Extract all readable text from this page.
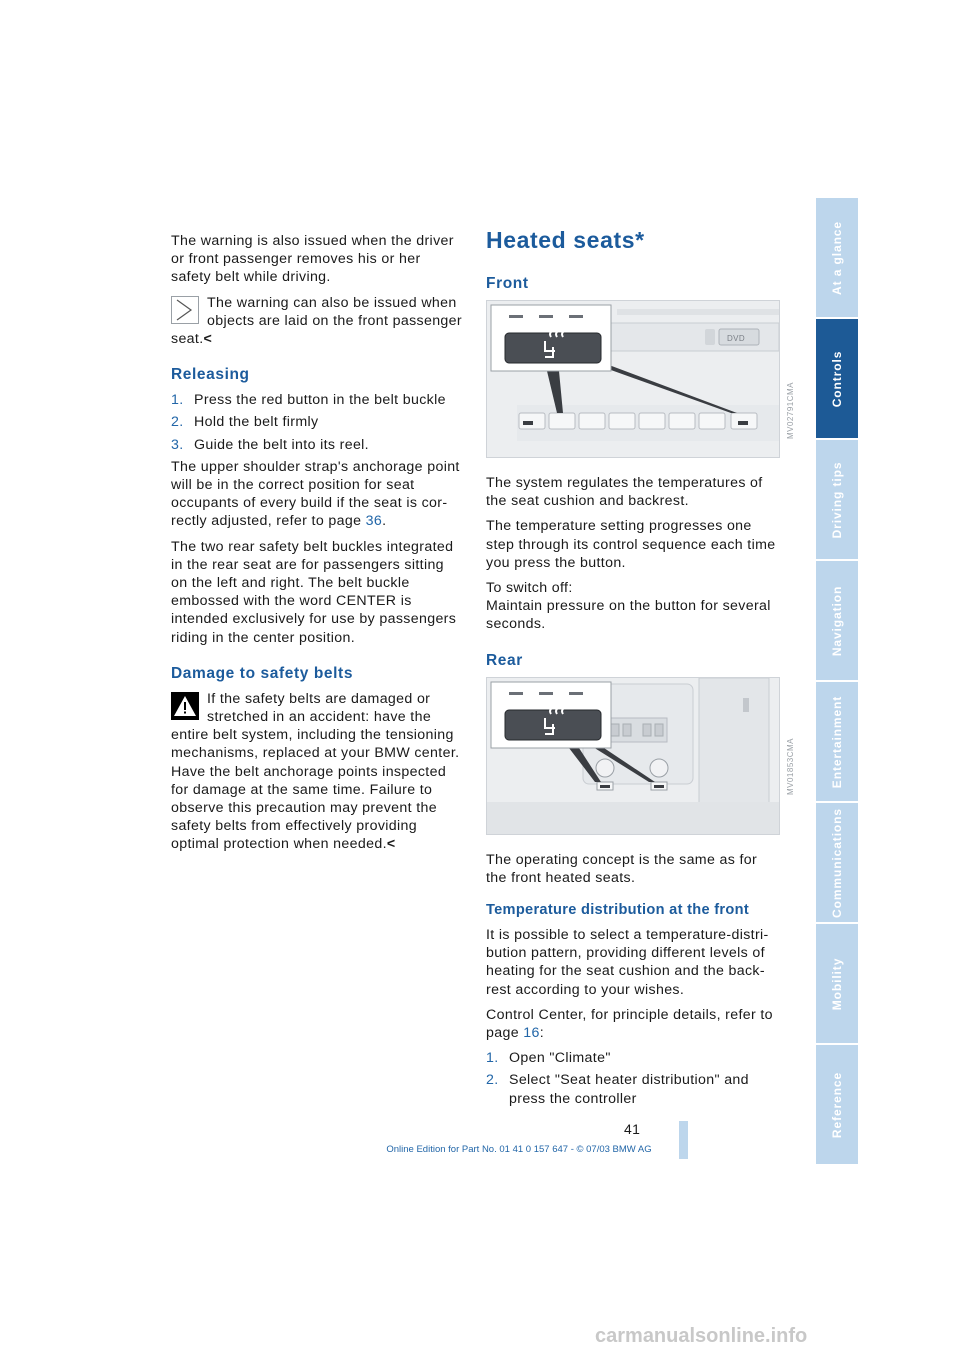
The warning is also issued when the driver or front passenger removes his or her safety belt while driving.

The warning can also be issued when objects are laid on the front passenger seat.<
Releasing
1. Press the red button in the belt buckle
2. Hold the belt firmly
3. Guide the belt into its reel.

The upper shoulder strap's anchorage point will be in the correct position for seat occupants of every build if the seat is correctly adjusted, refer to page 36.

The two rear safety belt buckles integrated in the rear seat are for passengers sitting on the left and right. The belt buckle embossed with the word CENTER is intended exclusively for use by passengers riding in the center position.

Damage to safety belts
If the safety belts are damaged or stretched in an accident: have the entire belt system, including the tensioning mechanisms, replaced at your BMW center. Have the belt anchorage points inspected for damage at the same time. Failure to observe this precaution may prevent the safety belts from effectively providing optimal protection when needed.<
Heated seats*
Front
DVD

The system regulates the temperatures of the seat cushion and backrest.

The temperature setting progresses one step through its control sequence each time you press the button.

To switch off:
Maintain pressure on the button for several seconds.

Rear

The operating concept is the same as for the front heated seats.

Temperature distribution at the front

It is possible to select a temperature-distribution pattern, providing different levels of heating for the seat cushion and the backrest according to your wishes.

Control Center, for principle details, refer to page 16:

1. Open "Climate"
2. Select "Seat heater distribution" and press the controller
MV02791CMA
MV01853CMA
At a glance
Controls
Driving tips
Navigation
Entertainment
Communications
Mobility
Reference
41
Online Edition for Part No. 01 41 0 157 647 - © 07/03 BMW AG
carmanualsonline.info
